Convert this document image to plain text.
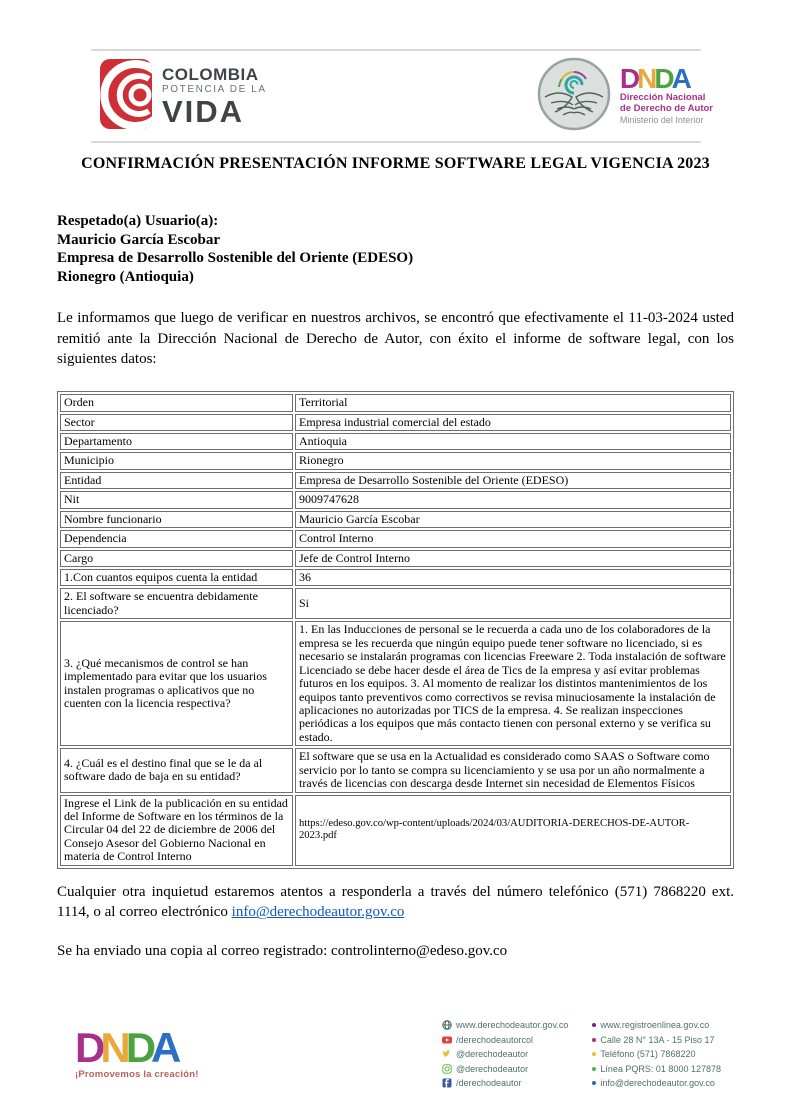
COLOMBIA
POTENCIA DE LA
VIDA
DNDA
Dirección Nacional
de Derecho de Autor
Ministerio del Interior
CONFIRMACIÓN PRESENTACIÓN INFORME SOFTWARE LEGAL VIGENCIA 2023
Respetado(a) Usuario(a):
Mauricio García Escobar
Empresa de Desarrollo Sostenible del Oriente (EDESO)
Rionegro (Antioquia)

Le informamos que luego de verificar en nuestros archivos, se encontró que efectivamente el 11-03-2024 usted remitió ante la Dirección Nacional de Derecho de Autor, con éxito el informe de software legal, con los siguientes datos:

Orden	Territorial
Sector	Empresa industrial comercial del estado
Departamento	Antioquia
Municipio	Rionegro
Entidad	Empresa de Desarrollo Sostenible del Oriente (EDESO)
Nit	9009747628
Nombre funcionario	Mauricio García Escobar
Dependencia	Control Interno
Cargo	Jefe de Control Interno
1.Con cuantos equipos cuenta la entidad	36
2. El software se encuentra debidamente licenciado?	Si
3. ¿Qué mecanismos de control se han implementado para evitar que los usuarios instalen programas o aplicativos que no cuenten con la licencia respectiva?	1. En las Inducciones de personal se le recuerda a cada uno de los colaboradores de la empresa se les recuerda que ningún equipo puede tener software no licenciado, si es necesario se instalarán programas con licencias Freeware 2. Toda instalación de software Licenciado se debe hacer desde el área de Tics de la empresa y así evitar problemas futuros en los equipos. 3. Al momento de realizar los distintos mantenimientos de los equipos tanto preventivos como correctivos se revisa minuciosamente la instalación de aplicaciones no autorizadas por TICS de la empresa. 4. Se realizan inspecciones periódicas a los equipos que más contacto tienen con personal externo y se verifica su estado.
4. ¿Cuál es el destino final que se le da al software dado de baja en su entidad?	El software que se usa en la Actualidad es considerado como SAAS o Software como servicio por lo tanto se compra su licenciamiento y se usa por un año normalmente a través de licencias con descarga desde Internet sin necesidad de Elementos Físicos
Ingrese el Link de la publicación en su entidad del Informe de Software en los términos de la Circular 04 del 22 de diciembre de 2006 del Consejo Asesor del Gobierno Nacional en materia de Control Interno	https://edeso.gov.co/wp-content/uploads/2024/03/AUDITORIA-DERECHOS-DE-AUTOR-2023.pdf

Cualquier otra inquietud estaremos atentos a responderla a través del número telefónico (571) 7868220 ext. 1114, o al correo electrónico info@derechodeautor.gov.co

Se ha enviado una copia al correo registrado: controlinterno@edeso.gov.co

DNDA
¡Promovemos la creación!
www.derechodeautor.gov.co
/derechodeautorcol
@derechodeautor
@derechodeautor
/derechodeautor
www.registroenlinea.gov.co
Calle 28 N° 13A - 15 Piso 17
Teléfono (571) 7868220
Línea PQRS: 01 8000 127878
info@derechodeautor.gov.co
